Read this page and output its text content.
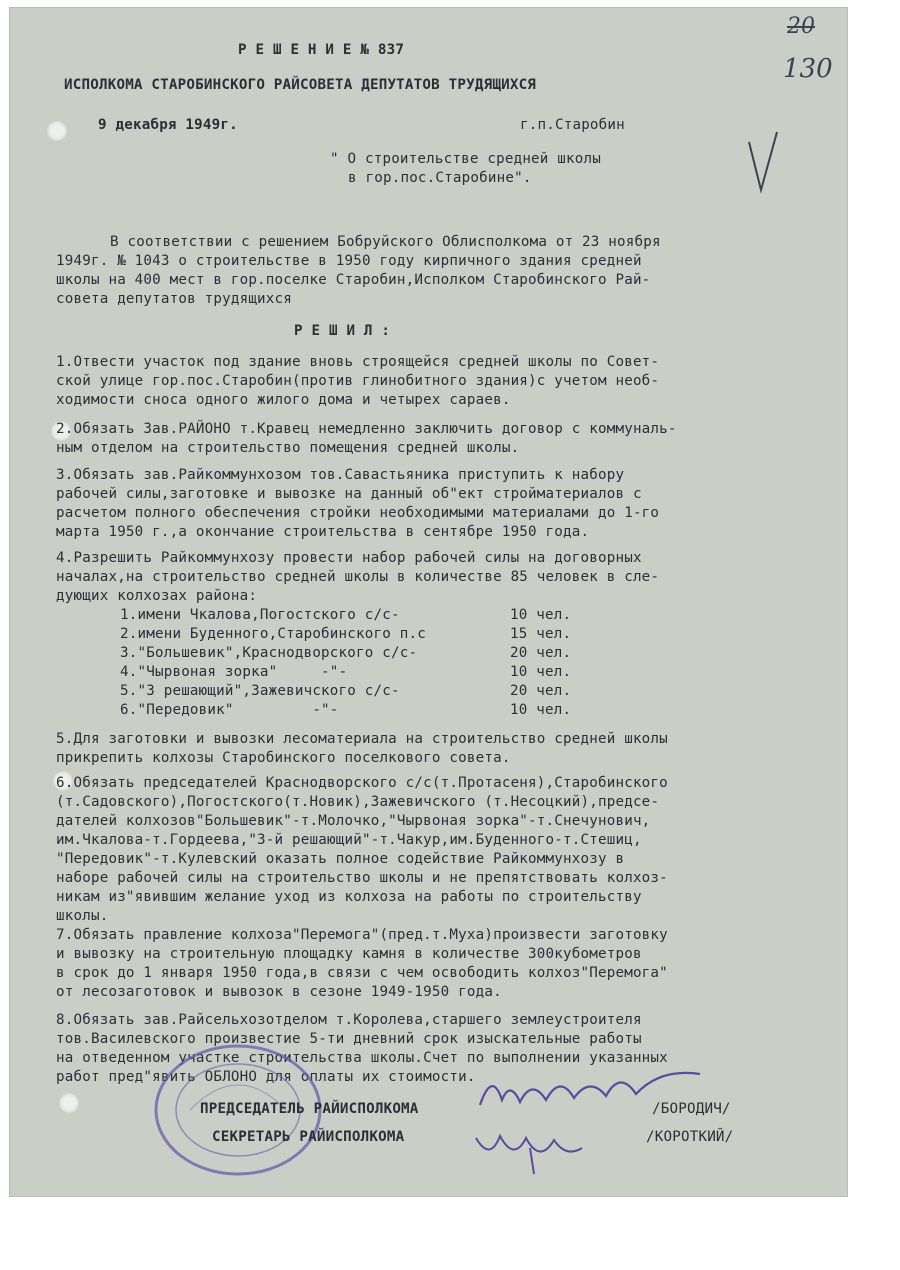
20
130
Р Е Ш Е Н И Е № 837
ИСПОЛКОМА СТАРОБИНСКОГО РАЙСОВЕТА ДЕПУТАТОВ ТРУДЯЩИХСЯ
9 декабря 1949г.	г.п.Старобин
" О строительстве средней школы
в гор.пос.Старобине".
В соответствии с решением Бобруйского Облисполкома от 23 ноября
1949г. № 1043 о строительстве в 1950 году кирпичного здания средней
школы на 400 мест в гор.поселке Старобин,Исполком Старобинского Рай-
совета депутатов трудящихся
Р Е Ш И Л :
1.Отвести участок под здание вновь строящейся средней школы по Совет-
ской улице гор.пос.Старобин(против глинобитного здания)с учетом необ-
ходимости сноса одного жилого дома и четырех сараев.
2.Обязать Зав.РАЙОНО т.Кравец немедленно заключить договор с коммуналь-
ным отделом на строительство помещения средней школы.
3.Обязать зав.Райкоммунхозом тов.Савастьяника приступить к набору
рабочей силы,заготовке и вывозке на данный об"ект стройматериалов с
расчетом полного обеспечения стройки необходимыми материалами до 1-го
марта 1950 г.,а окончание строительства в сентябре 1950 года.
4.Разрешить Райкоммунхозу провести набор рабочей силы на договорных
началах,на строительство средней школы в количестве 85 человек в сле-
дующих колхозах района:
1.имени Чкалова,Погостского с/с-	10 чел.
2.имени Буденного,Старобинского п.с	15 чел.
3."Большевик",Краснодворского с/с-	20 чел.
4."Чырвоная зорка"     -"-	10 чел.
5."3 решающий",Зажевичского с/с-	20 чел.
6."Передовик"         -"-	10 чел.
5.Для заготовки и вывозки лесоматериала на строительство средней школы
прикрепить колхозы Старобинского поселкового совета.
6.Обязать председателей Краснодворского с/с(т.Протасеня),Старобинского
(т.Садовского),Погостского(т.Новик),Зажевичского (т.Несоцкий),предсе-
дателей колхозов"Большевик"-т.Молочко,"Чырвоная зорка"-т.Снечунович,
им.Чкалова-т.Гордеева,"3-й решающий"-т.Чакур,им.Буденного-т.Стешиц,
"Передовик"-т.Кулевский оказать полное содействие Райкоммунхозу в
наборе рабочей силы на строительство школы и не препятствовать колхоз-
никам из"явившим желание уход из колхоза на работы по строительству
школы.
7.Обязать правление колхоза"Перемога"(пред.т.Муха)произвести заготовку
и вывозку на строительную площадку камня в количестве 300кубометров
в срок до 1 января 1950 года,в связи с чем освободить колхоз"Перемога"
от лесозаготовок и вывозок в сезоне 1949-1950 года.
8.Обязать зав.Райсельхозотделом т.Королева,старшего землеустроителя
тов.Василевского произвестие 5-ти дневний срок изыскательные работы
на отведенном участке строительства школы.Счет по выполнении указанных
работ пред"явить ОБЛОНО для оплаты их стоимости.
ПРЕДСЕДАТЕЛЬ РАЙИСПОЛКОМА	/БОРОДИЧ/
СЕКРЕТАРЬ РАЙИСПОЛКОМА	/КОРОТКИЙ/
